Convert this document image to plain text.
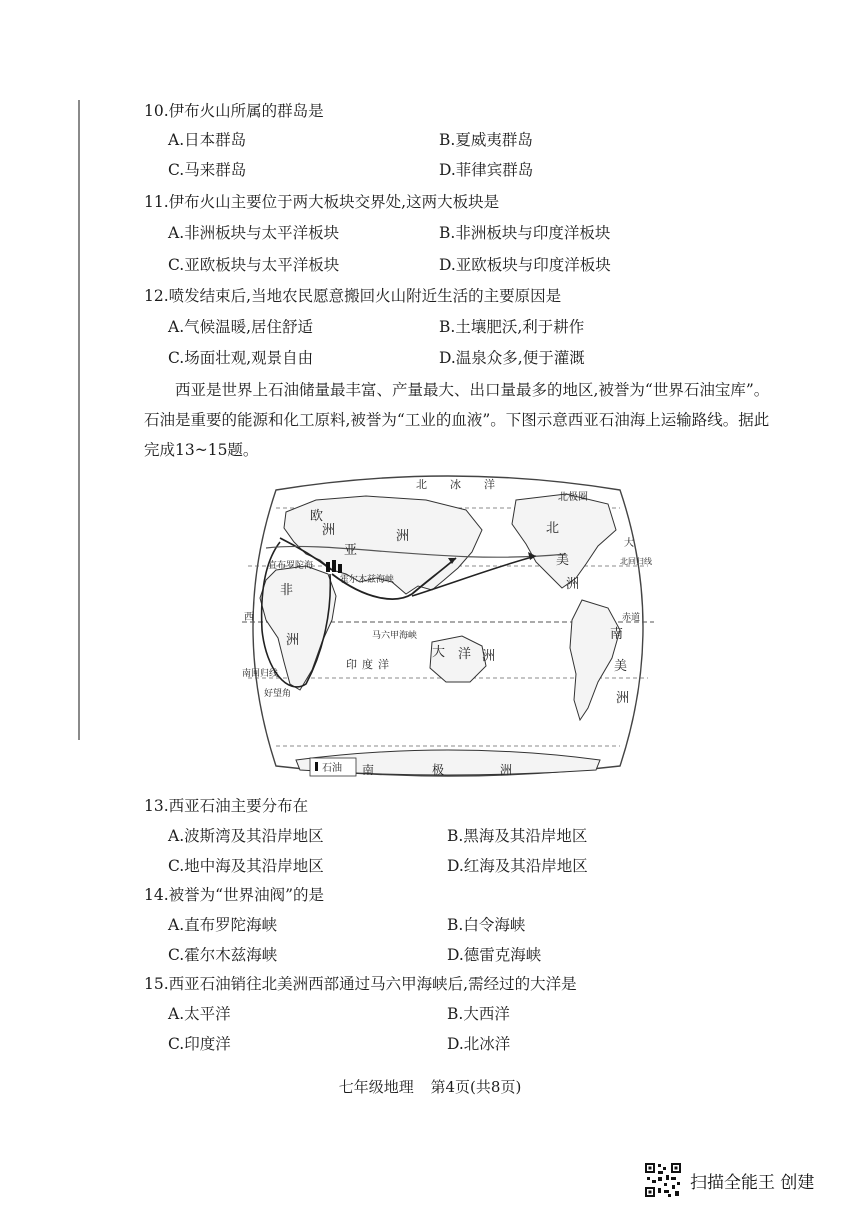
10.伊布火山所属的群岛是
A.日本群岛	B.夏威夷群岛
C.马来群岛	D.菲律宾群岛
11.伊布火山主要位于两大板块交界处,这两大板块是
A.非洲板块与太平洋板块	B.非洲板块与印度洋板块
C.亚欧板块与太平洋板块	D.亚欧板块与印度洋板块
12.喷发结束后,当地农民愿意搬回火山附近生活的主要原因是
A.气候温暖,居住舒适	B.土壤肥沃,利于耕作
C.场面壮观,观景自由	D.温泉众多,便于灌溉

西亚是世界上石油储量最丰富、产量最大、出口量最多的地区,被誉为“世界石油宝库”。石油是重要的能源和化工原料,被誉为“工业的血液”。下图示意西亚石油海上运输路线。据此完成13~15题。

石油
北 冰 洋
北极圈
欧
洲
亚
洲
非
洲
北
美
洲
南
美
洲
大 洋 洲
南	极	洲
印 度 洋
直布罗陀海
霍尔木兹海峡
马六甲海峡
南回归线
好望角
赤道
西
大
北回归线
13.西亚石油主要分布在
A.波斯湾及其沿岸地区	B.黑海及其沿岸地区
C.地中海及其沿岸地区	D.红海及其沿岸地区
14.被誉为“世界油阀”的是
A.直布罗陀海峡	B.白令海峡
C.霍尔木兹海峡	D.德雷克海峡
15.西亚石油销往北美洲西部通过马六甲海峡后,需经过的大洋是
A.太平洋	B.大西洋
C.印度洋	D.北冰洋
七年级地理 第4页(共8页)
扫描全能王 创建
